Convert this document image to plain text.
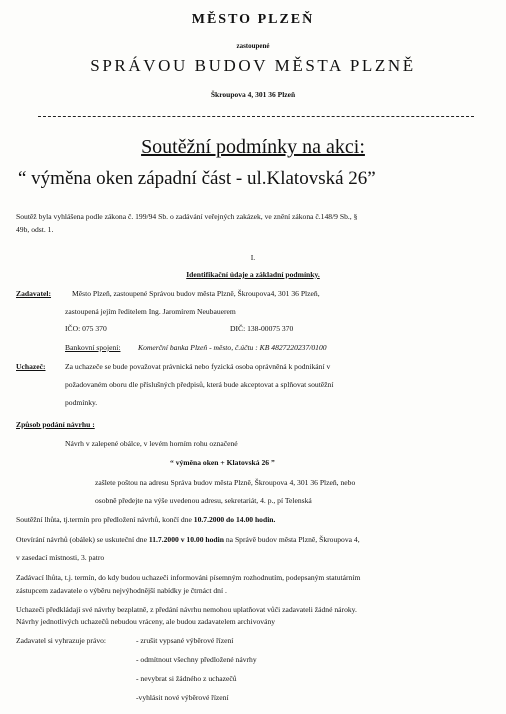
MĚSTO PLZEŇ
zastoupené
SPRÁVOU BUDOV MĚSTA PLZNĚ
Škroupova 4, 301 36 Plzeň
Soutěžní podmínky na akci:
“ výměna oken západní část - ul.Klatovská 26”
Soutěž byla vyhlášena podle zákona č. 199/94 Sb. o zadávání veřejných zakázek, ve znění zákona č.148/9 Sb., §
49b, odst. 1.
I.
Identifikační údaje a základní podmínky.
Zadavatel:	Město Plzeň, zastoupené Správou budov města Plzně, Škroupova4, 301 36 Plzeň,
zastoupená jejím ředitelem Ing. Jaromírem Neubauerem
IČO: 075 370	DIČ: 138-00075 370
Bankovní spojení: Komerční banka Plzeň - město, č.účtu : KB 4827220237/0100
Uchazeč:	Za uchazeče se bude považovat právnická nebo fyzická osoba oprávněná k podnikání v
požadovaném oboru dle příslušných předpisů, která bude akceptovat a splňovat soutěžní
podmínky.
Způsob podání návrhu :
Návrh v zalepené obálce, v levém horním rohu označené
“ výměna oken + Klatovská 26 ”
zašlete poštou na adresu Správa budov města Plzně, Škroupova 4, 301 36 Plzeň, nebo
osobně předejte na výše uvedenou adresu, sekretariát, 4. p., pí Telenská
Soutěžní lhůta, tj.termín pro předložení návrhů, končí dne 10.7.2000 do 14.00 hodin.
Otevírání návrhů (obálek) se uskuteční dne 11.7.2000 v 10.00 hodin na Správě budov města Plzně, Škroupova 4,
v zasedací místnosti, 3. patro
Zadávací lhůta, t.j. termín, do kdy budou uchazeči informováni písemným rozhodnutím, podepsaným statutárním
zástupcem zadavatele o výběru nejvýhodnější nabídky je čtrnáct dní .
Uchazeči předkládají své návrhy bezplatně, z předání návrhu nemohou uplatňovat vůči zadavateli žádné nároky.
Návrhy jednotlivých uchazečů nebudou vráceny, ale budou zadavatelem archivovány
Zadavatel si vyhrazuje právo:	- zrušit vypsané výběrové řízení
- odmítnout všechny předložené návrhy
- nevybrat si žádného z uchazečů
-vyhlásit nové výběrové řízení
